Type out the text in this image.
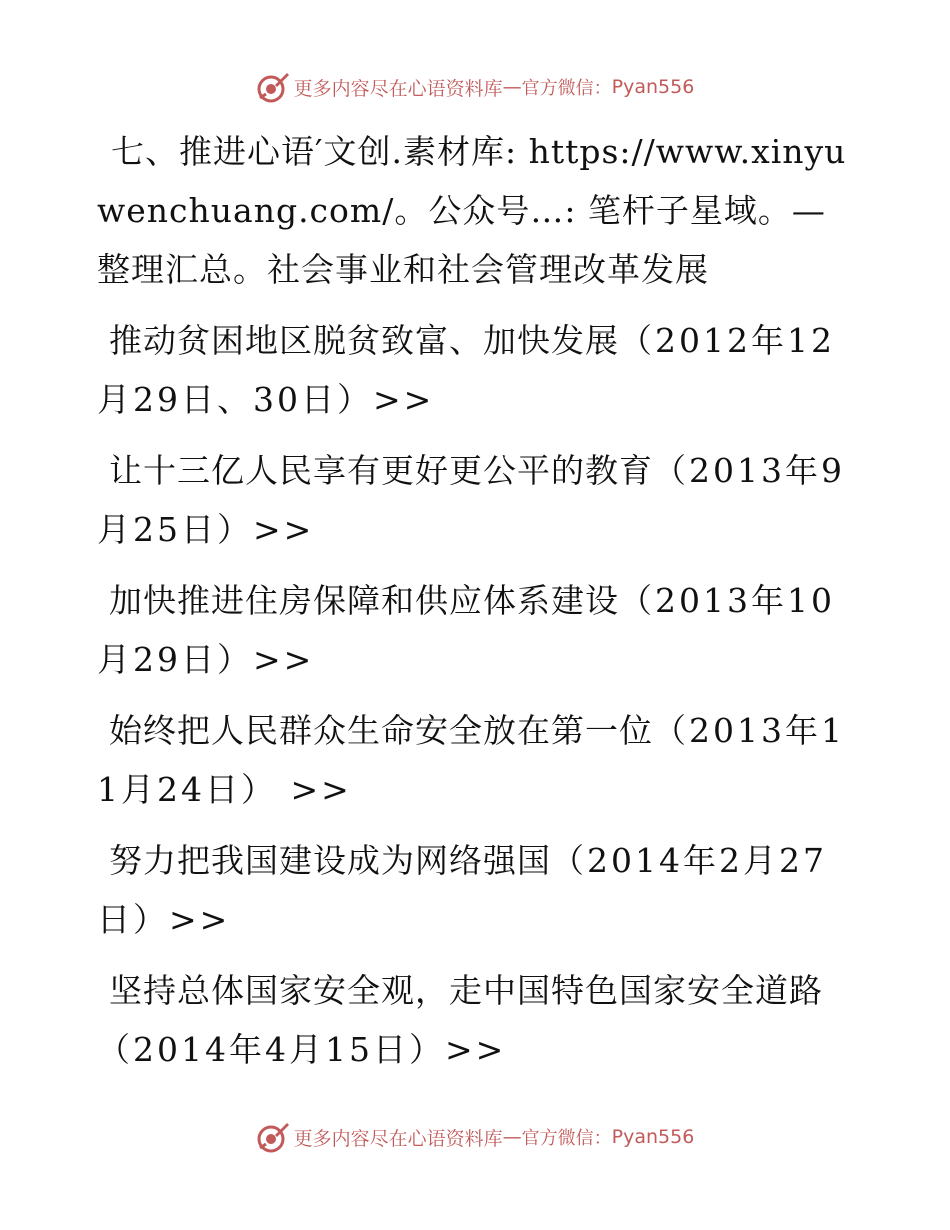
更多内容尽在心语资料库 — 官方微信： Pyan556

七、推进心语′文创.素材库: https://www.xinyuwenchuang.com/。公众号…: 笔杆子星域。—整理汇总。社会事业和社会管理改革发展

推动贫困地区脱贫致富、加快发展（2012年12月29日、30日）>>

让十三亿人民享有更好更公平的教育（2013年9月25日）>>

加快推进住房保障和供应体系建设（2013年10月29日）>>

始终把人民群众生命安全放在第一位（2013年11月24日） >>

努力把我国建设成为网络强国（2014年2月27日）>>

坚持总体国家安全观，走中国特色国家安全道路（2014年4月15日）>>

更多内容尽在心语资料库 — 官方微信： Pyan556
